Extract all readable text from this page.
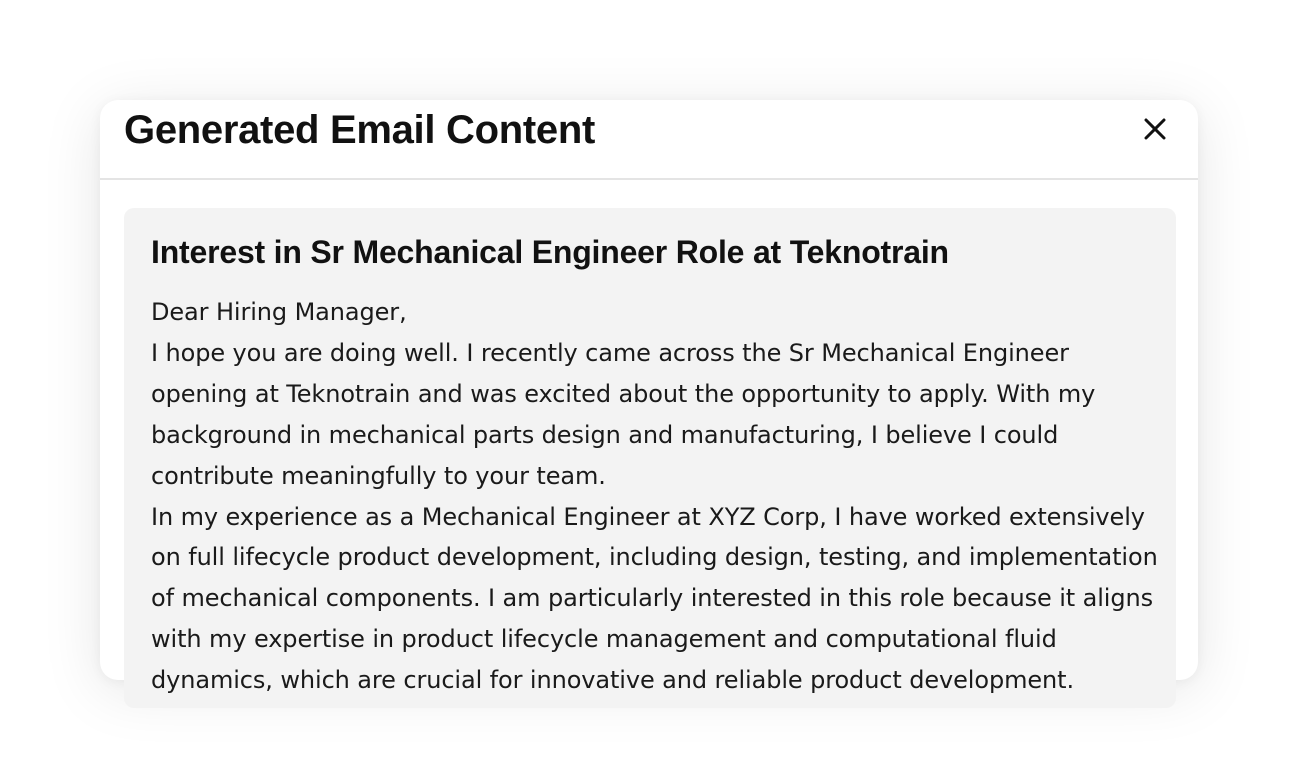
Generated Email Content
Interest in Sr Mechanical Engineer Role at Teknotrain

Dear Hiring Manager,

I hope you are doing well. I recently came across the Sr Mechanical Engineer opening at Teknotrain and was excited about the opportunity to apply. With my background in mechanical parts design and manufacturing, I believe I could contribute meaningfully to your team.

In my experience as a Mechanical Engineer at XYZ Corp, I have worked extensively on full lifecycle product development, including design, testing, and implementation of mechanical components. I am particularly interested in this role because it aligns with my expertise in product lifecycle management and computational fluid dynamics, which are crucial for innovative and reliable product development.
